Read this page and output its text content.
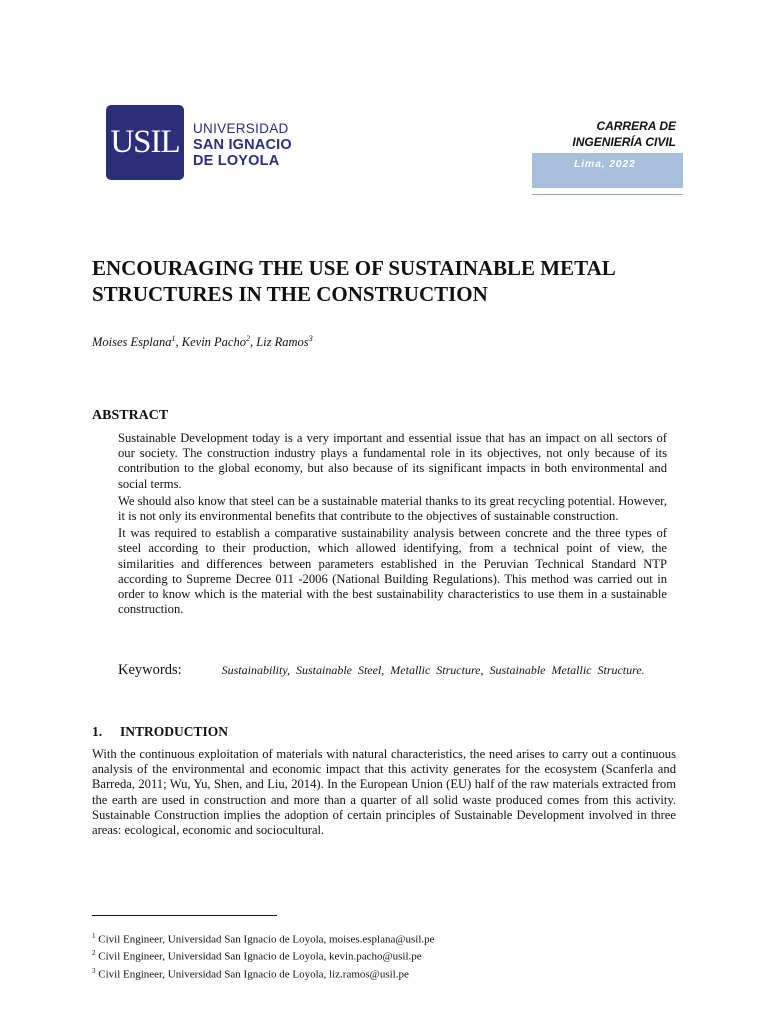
USIL UNIVERSIDAD
SAN IGNACIO
DE LOYOLA
CARRERA DE
INGENIERÍA CIVIL
Lima, 2022
ENCOURAGING THE USE OF SUSTAINABLE METAL STRUCTURES IN THE CONSTRUCTION
Moises Esplana$^1$, Kevin Pacho$^2$, Liz Ramos$^3$
ABSTRACT

Sustainable Development today is a very important and essential issue that has an impact on all sectors of our society. The construction industry plays a fundamental role in its objectives, not only because of its contribution to the global economy, but also because of its significant impacts in both environmental and social terms.

We should also know that steel can be a sustainable material thanks to its great recycling potential. However, it is not only its environmental benefits that contribute to the objectives of sustainable construction.

It was required to establish a comparative sustainability analysis between concrete and the three types of steel according to their production, which allowed identifying, from a technical point of view, the similarities and differences between parameters established in the Peruvian Technical Standard NTP according to Supreme Decree 011 -2006 (National Building Regulations). This method was carried out in order to know which is the material with the best sustainability characteristics to use them in a sustainable construction.

Keywords:	Sustainability, Sustainable Steel, Metallic Structure, Sustainable Metallic Structure.
1. INTRODUCTION

With the continuous exploitation of materials with natural characteristics, the need arises to carry out a continuous analysis of the environmental and economic impact that this activity generates for the ecosystem (Scanferla and Barreda, 2011; Wu, Yu, Shen, and Liu, 2014). In the European Union (EU) half of the raw materials extracted from the earth are used in construction and more than a quarter of all solid waste produced comes from this activity. Sustainable Construction implies the adoption of certain principles of Sustainable Development involved in three areas: ecological, economic and sociocultural.

$^1$ Civil Engineer, Universidad San Ignacio de Loyola, moises.esplana@usil.pe
$^2$ Civil Engineer, Universidad San Ignacio de Loyola, kevin.pacho@usil.pe
$^3$ Civil Engineer, Universidad San Ignacio de Loyola, liz.ramos@usil.pe
